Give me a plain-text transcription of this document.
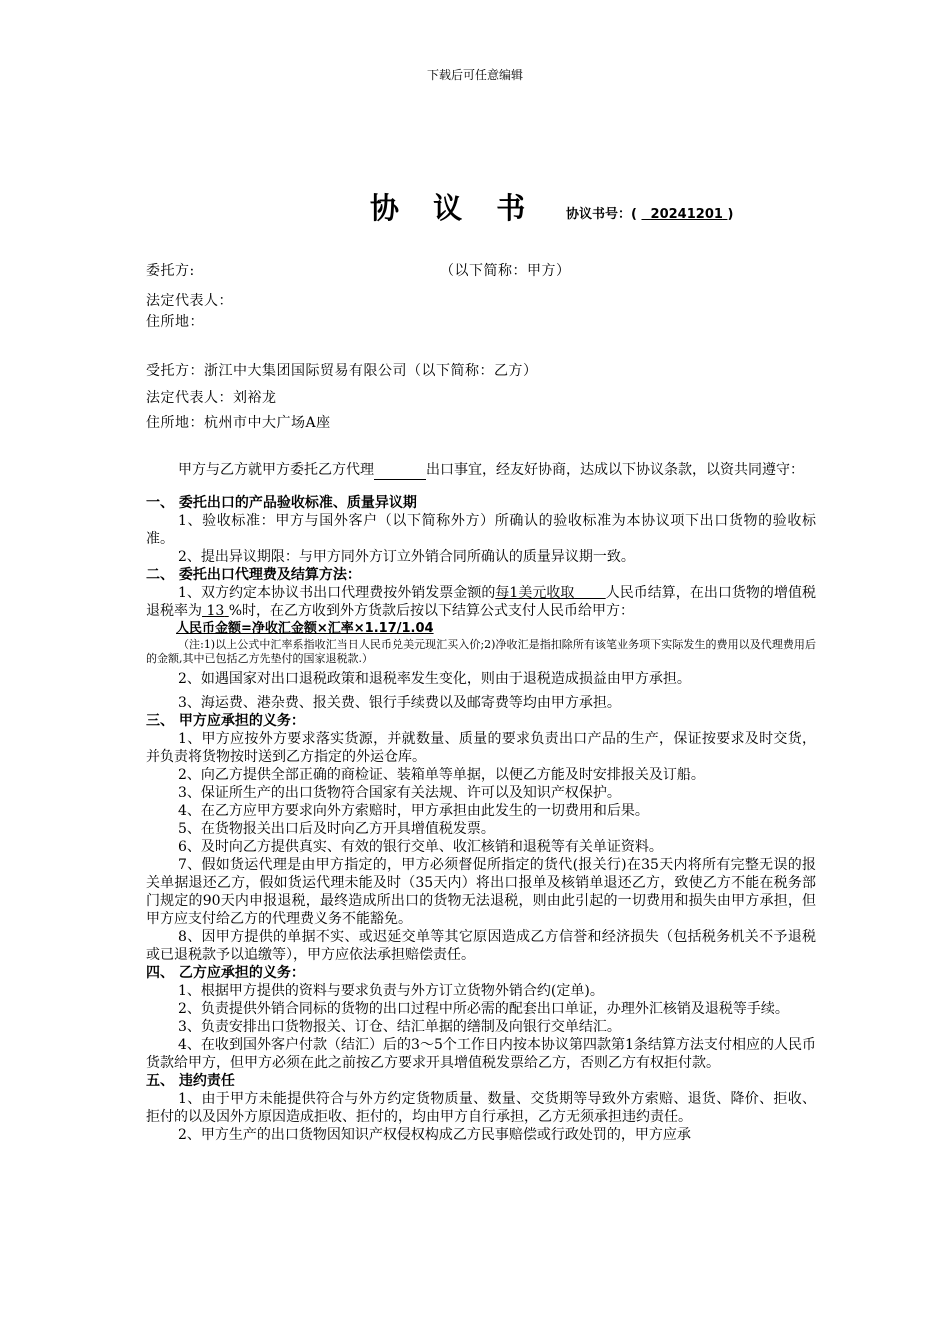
下载后可任意编辑
协 议 书 协议书号：( 20241201 )
委托方:	（以下简称：甲方）
法定代表人：
住所地：
受托方：浙江中大集团国际贸易有限公司（以下简称：乙方）
法定代表人：刘裕龙
住所地：杭州市中大广场A座

甲方与乙方就甲方委托乙方代理	出口事宜，经友好协商，达成以下协议条款，以资共同遵守：

一、 委托出口的产品验收标准、质量异议期

1、验收标准：甲方与国外客户（以下简称外方）所确认的验收标准为本协议项下出口货物的验收标准。

2、提出异议期限：与甲方同外方订立外销合同所确认的质量异议期一致。

二、 委托出口代理费及结算方法：

1、双方约定本协议书出口代理费按外销发票金额的每1美元收取 人民币结算，在出口货物的增值税退税率为 13 %时，在乙方收到外方货款后按以下结算公式支付人民币给甲方：

人民币金额=净收汇金额×汇率×1.17/1.04

（注:1)以上公式中汇率系指收汇当日人民币兑美元现汇买入价;2)净收汇是指扣除所有该笔业务项下实际发生的费用以及代理费用后的金额,其中已包括乙方先垫付的国家退税款.）

2、如遇国家对出口退税政策和退税率发生变化，则由于退税造成损益由甲方承担。

3、海运费、港杂费、报关费、银行手续费以及邮寄费等均由甲方承担。

三、 甲方应承担的义务：

1、甲方应按外方要求落实货源，并就数量、质量的要求负责出口产品的生产，保证按要求及时交货，并负责将货物按时送到乙方指定的外运仓库。

2、向乙方提供全部正确的商检证、装箱单等单据，以便乙方能及时安排报关及订船。

3、保证所生产的出口货物符合国家有关法规、许可以及知识产权保护。

4、在乙方应甲方要求向外方索赔时，甲方承担由此发生的一切费用和后果。

5、在货物报关出口后及时向乙方开具增值税发票。

6、及时向乙方提供真实、有效的银行交单、收汇核销和退税等有关单证资料。

7、假如货运代理是由甲方指定的，甲方必须督促所指定的货代(报关行)在35天内将所有完整无误的报关单据退还乙方，假如货运代理未能及时（35天内）将出口报单及核销单退还乙方，致使乙方不能在税务部门规定的90天内申报退税，最终造成所出口的货物无法退税，则由此引起的一切费用和损失由甲方承担，但甲方应支付给乙方的代理费义务不能豁免。

8、因甲方提供的单据不实、或迟延交单等其它原因造成乙方信誉和经济损失（包括税务机关不予退税或已退税款予以追缴等），甲方应依法承担赔偿责任。

四、 乙方应承担的义务：

1、根据甲方提供的资料与要求负责与外方订立货物外销合约(定单)。

2、负责提供外销合同标的货物的出口过程中所必需的配套出口单证，办理外汇核销及退税等手续。

3、负责安排出口货物报关、订仓、结汇单据的缮制及向银行交单结汇。

4、在收到国外客户付款（结汇）后的3～5个工作日内按本协议第四款第1条结算方法支付相应的人民币货款给甲方，但甲方必须在此之前按乙方要求开具增值税发票给乙方，否则乙方有权拒付款。

五、 违约责任

1、由于甲方未能提供符合与外方约定货物质量、数量、交货期等导致外方索赔、退货、降价、拒收、拒付的以及因外方原因造成拒收、拒付的，均由甲方自行承担，乙方无须承担违约责任。

2、甲方生产的出口货物因知识产权侵权构成乙方民事赔偿或行政处罚的，甲方应承
